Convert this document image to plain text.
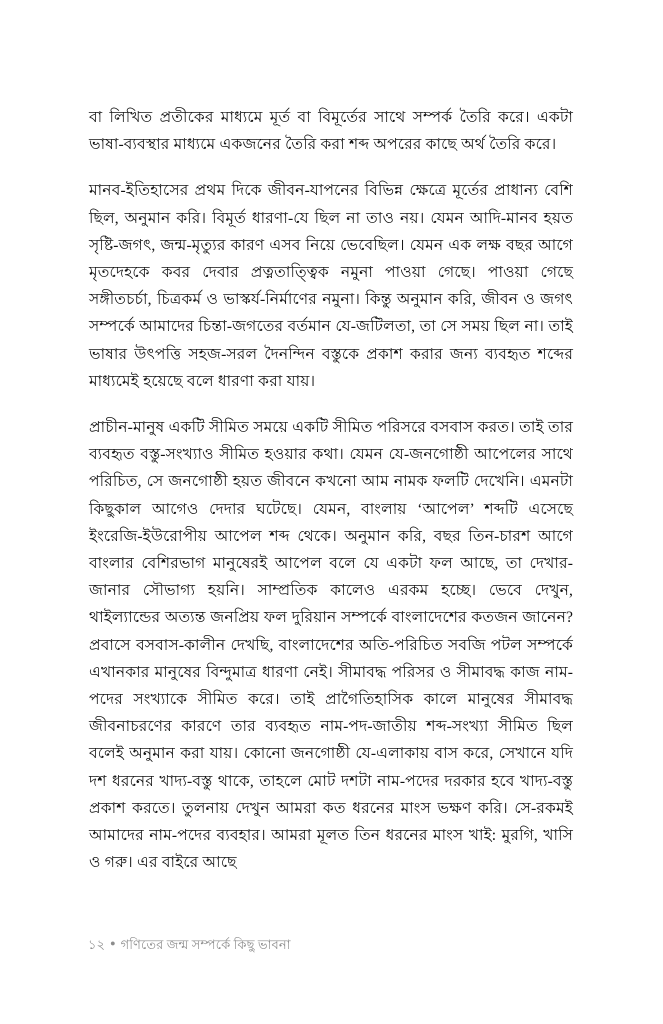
বা লিখিত প্রতীকের মাধ্যমে মূর্ত বা বিমূর্তের সাথে সম্পর্ক তৈরি করে। একটা ভাষা-ব্যবস্থার মাধ্যমে একজনের তৈরি করা শব্দ অপরের কাছে অর্থ তৈরি করে।

মানব-ইতিহাসের প্রথম দিকে জীবন-যাপনের বিভিন্ন ক্ষেত্রে মূর্তের প্রাধান্য বেশি ছিল, অনুমান করি। বিমূর্ত ধারণা-যে ছিল না তাও নয়। যেমন আদি-মানব হয়ত সৃষ্টি-জগৎ, জন্ম-মৃত্যুর কারণ এসব নিয়ে ভেবেছিল। যেমন এক লক্ষ বছর আগে মৃতদেহকে কবর দেবার প্রত্নতাত্ত্বিক নমুনা পাওয়া গেছে। পাওয়া গেছে সঙ্গীতচর্চা, চিত্রকর্ম ও ভাস্কর্য-নির্মাণের নমুনা। কিন্তু অনুমান করি, জীবন ও জগৎ সম্পর্কে আমাদের চিন্তা-জগতের বর্তমান যে-জটিলতা, তা সে সময় ছিল না। তাই ভাষার উৎপত্তি সহজ-সরল দৈনন্দিন বস্তুকে প্রকাশ করার জন্য ব্যবহৃত শব্দের মাধ্যমেই হয়েছে বলে ধারণা করা যায়।

প্রাচীন-মানুষ একটি সীমিত সময়ে একটি সীমিত পরিসরে বসবাস করত। তাই তার ব্যবহৃত বস্তু-সংখ্যাও সীমিত হওয়ার কথা। যেমন যে-জনগোষ্ঠী আপেলের সাথে পরিচিত, সে জনগোষ্ঠী হয়ত জীবনে কখনো আম নামক ফলটি দেখেনি। এমনটা কিছুকাল আগেও দেদার ঘটেছে। যেমন, বাংলায় ‘আপেল’ শব্দটি এসেছে ইংরেজি-ইউরোপীয় আপেল শব্দ থেকে। অনুমান করি, বছর তিন-চারশ আগে বাংলার বেশিরভাগ মানুষেরই আপেল বলে যে একটা ফল আছে, তা দেখার-জানার সৌভাগ্য হয়নি। সাম্প্রতিক কালেও এরকম হচ্ছে। ভেবে দেখুন, থাইল্যান্ডের অত্যন্ত জনপ্রিয় ফল দুরিয়ান সম্পর্কে বাংলাদেশের কতজন জানেন? প্রবাসে বসবাস-কালীন দেখছি, বাংলাদেশের অতি-পরিচিত সবজি পটল সম্পর্কে এখানকার মানুষের বিন্দুমাত্র ধারণা নেই। সীমাবদ্ধ পরিসর ও সীমাবদ্ধ কাজ নাম-পদের সংখ্যাকে সীমিত করে। তাই প্রাগৈতিহাসিক কালে মানুষের সীমাবদ্ধ জীবনাচরণের কারণে তার ব্যবহৃত নাম-পদ-জাতীয় শব্দ-সংখ্যা সীমিত ছিল বলেই অনুমান করা যায়। কোনো জনগোষ্ঠী যে-এলাকায় বাস করে, সেখানে যদি দশ ধরনের খাদ্য-বস্তু থাকে, তাহলে মোট দশটা নাম-পদের দরকার হবে খাদ্য-বস্তু প্রকাশ করতে। তুলনায় দেখুন আমরা কত ধরনের মাংস ভক্ষণ করি। সে-রকমই আমাদের নাম-পদের ব্যবহার। আমরা মূলত তিন ধরনের মাংস খাই: মুরগি, খাসি ও গরু। এর বাইরে আছে

১২ ● গণিতের জন্ম সম্পর্কে কিছু ভাবনা
